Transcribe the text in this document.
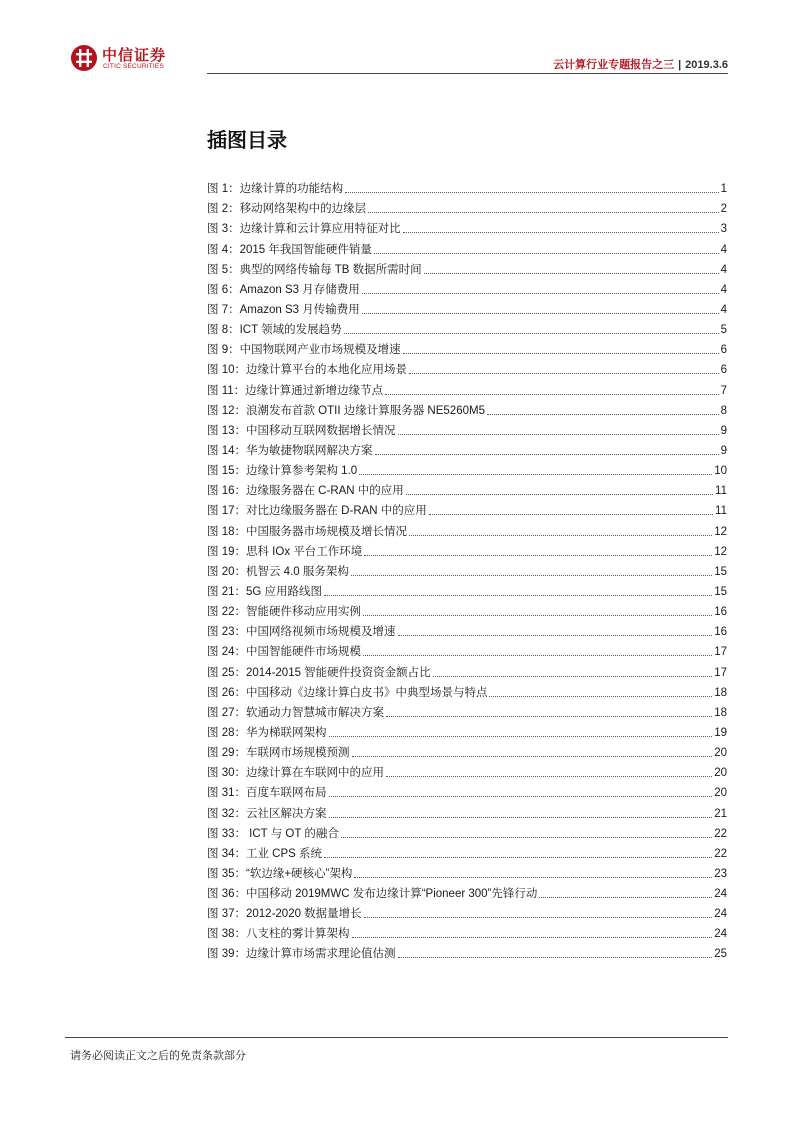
中信证券
CITIC SECURITIES	云计算行业专题报告之三 | 2019.3.6
插图目录
图 1：边缘计算的功能结构	1
图 2：移动网络架构中的边缘层	2
图 3：边缘计算和云计算应用特征对比	3
图 4：2015 年我国智能硬件销量	4
图 5：典型的网络传输每 TB 数据所需时间	4
图 6：Amazon S3 月存储费用	4
图 7：Amazon S3 月传输费用	4
图 8：ICT 领域的发展趋势	5
图 9：中国物联网产业市场规模及增速	6
图 10：边缘计算平台的本地化应用场景	6
图 11：边缘计算通过新增边缘节点	7
图 12：浪潮发布首款 OTII 边缘计算服务器 NE5260M5	8
图 13：中国移动互联网数据增长情况	9
图 14：华为敏捷物联网解决方案	9
图 15：边缘计算参考架构 1.0	10
图 16：边缘服务器在 C-RAN 中的应用	11
图 17：对比边缘服务器在 D-RAN 中的应用	11
图 18：中国服务器市场规模及增长情况	12
图 19：思科 IOx 平台工作环境	12
图 20：机智云 4.0 服务架构	15
图 21：5G 应用路线图	15
图 22：智能硬件移动应用实例	16
图 23：中国网络视频市场规模及增速	16
图 24：中国智能硬件市场规模	17
图 25：2014-2015 智能硬件投资资金额占比	17
图 26：中国移动《边缘计算白皮书》中典型场景与特点	18
图 27：软通动力智慧城市解决方案	18
图 28：华为梯联网架构	19
图 29：车联网市场规模预测	20
图 30：边缘计算在车联网中的应用	20
图 31：百度车联网布局	20
图 32：云社区解决方案	21
图 33： ICT 与 OT 的融合	22
图 34：工业 CPS 系统	22
图 35：“软边缘+硬核心”架构	23
图 36：中国移动 2019MWC 发布边缘计算“Pioneer 300”先锋行动	24
图 37：2012-2020 数据量增长	24
图 38：八支柱的雾计算架构	24
图 39：边缘计算市场需求理论值估测	25
请务必阅读正文之后的免责条款部分
